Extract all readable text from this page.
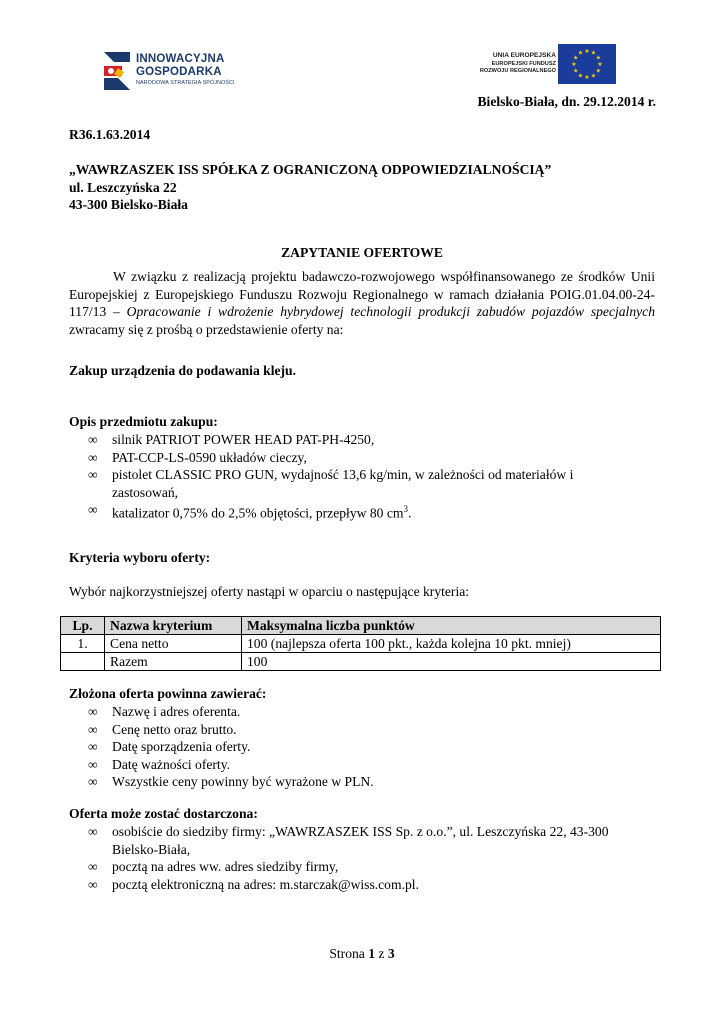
INNOWACYJNA
GOSPODARKA
NARODOWA STRATEGIA SPÓJNOŚCI
UNIA EUROPEJSKA
EUROPEJSKI FUNDUSZ
ROZWOJU REGIONALNEGO
★ ★
★
★
★
★
★
★
★
★
★
★
Bielsko-Biała, dn. 29.12.2014 r.
R36.1.63.2014
„WAWRZASZEK ISS SPÓŁKA Z OGRANICZONĄ ODPOWIEDZIALNOŚCIĄ”
ul. Leszczyńska 22
43-300 Bielsko-Biała
ZAPYTANIE OFERTOWE
W związku z realizacją projektu badawczo-rozwojowego współfinansowanego ze środków Unii Europejskiej z Europejskiego Funduszu Rozwoju Regionalnego w ramach działania POIG.01.04.00-24-117/13 – Opracowanie i wdrożenie hybrydowej technologii produkcji zabudów pojazdów specjalnych zwracamy się z prośbą o przedstawienie oferty na:
Zakup urządzenia do podawania kleju.
Opis przedmiotu zakupu:
∞ silnik PATRIOT POWER HEAD PAT-PH-4250,
∞ PAT-CCP-LS-0590 układów cieczy,
∞ pistolet CLASSIC PRO GUN, wydajność 13,6 kg/min, w zależności od materiałów i zastosowań,
∞ katalizator 0,75% do 2,5% objętości, przepływ 80 $cm^3$.
Kryteria wyboru oferty:
Wybór najkorzystniejszej oferty nastąpi w oparciu o następujące kryteria:
Lp.	Nazwa kryterium	Maksymalna liczba punktów
1.	Cena netto	100 (najlepsza oferta 100 pkt., każda kolejna 10 pkt. mniej)
	Razem	100
Złożona oferta powinna zawierać:
∞ Nazwę i adres oferenta.
∞ Cenę netto oraz brutto.
∞ Datę sporządzenia oferty.
∞ Datę ważności oferty.
∞ Wszystkie ceny powinny być wyrażone w PLN.
Oferta może zostać dostarczona:
∞ osobiście do siedziby firmy: „WAWRZASZEK ISS Sp. z o.o.”, ul. Leszczyńska 22, 43-300 Bielsko-Biała,
∞ pocztą na adres ww. adres siedziby firmy,
∞ pocztą elektroniczną na adres: m.starczak@wiss.com.pl.
Strona 1 z 3
